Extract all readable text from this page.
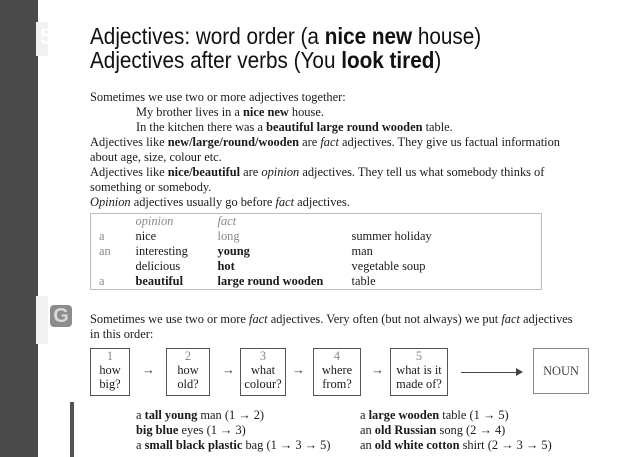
5e
G
Adjectives: word order (a nice new house)
Adjectives after verbs (You look tired)
Sometimes we use two or more adjectives together:
My brother lives in a nice new house.
In the kitchen there was a beautiful large round wooden table.
Adjectives like new/large/round/wooden are fact adjectives. They give us factual information
about age, size, colour etc.
Adjectives like nice/beautiful are opinion adjectives. They tell us what somebody thinks of
something or somebody.
Opinion adjectives usually go before fact adjectives.
	opinion	fact	
a	nice	long	summer holiday
an	interesting	young	man
	delicious	hot	vegetable soup
a	beautiful	large round wooden	table
Sometimes we use two or more fact adjectives. Very often (but not always) we put fact adjectives
in this order:
1
how
big?
→
2
how
old?
→
3
what
colour?
→
4
where
from?
→
5
what is it
made of?
NOUN
a tall young man (1 → 2)
big blue eyes (1 → 3)
a small black plastic bag (1 → 3 → 5)
a large wooden table (1 → 5)
an old Russian song (2 → 4)
an old white cotton shirt (2 → 3 → 5)
